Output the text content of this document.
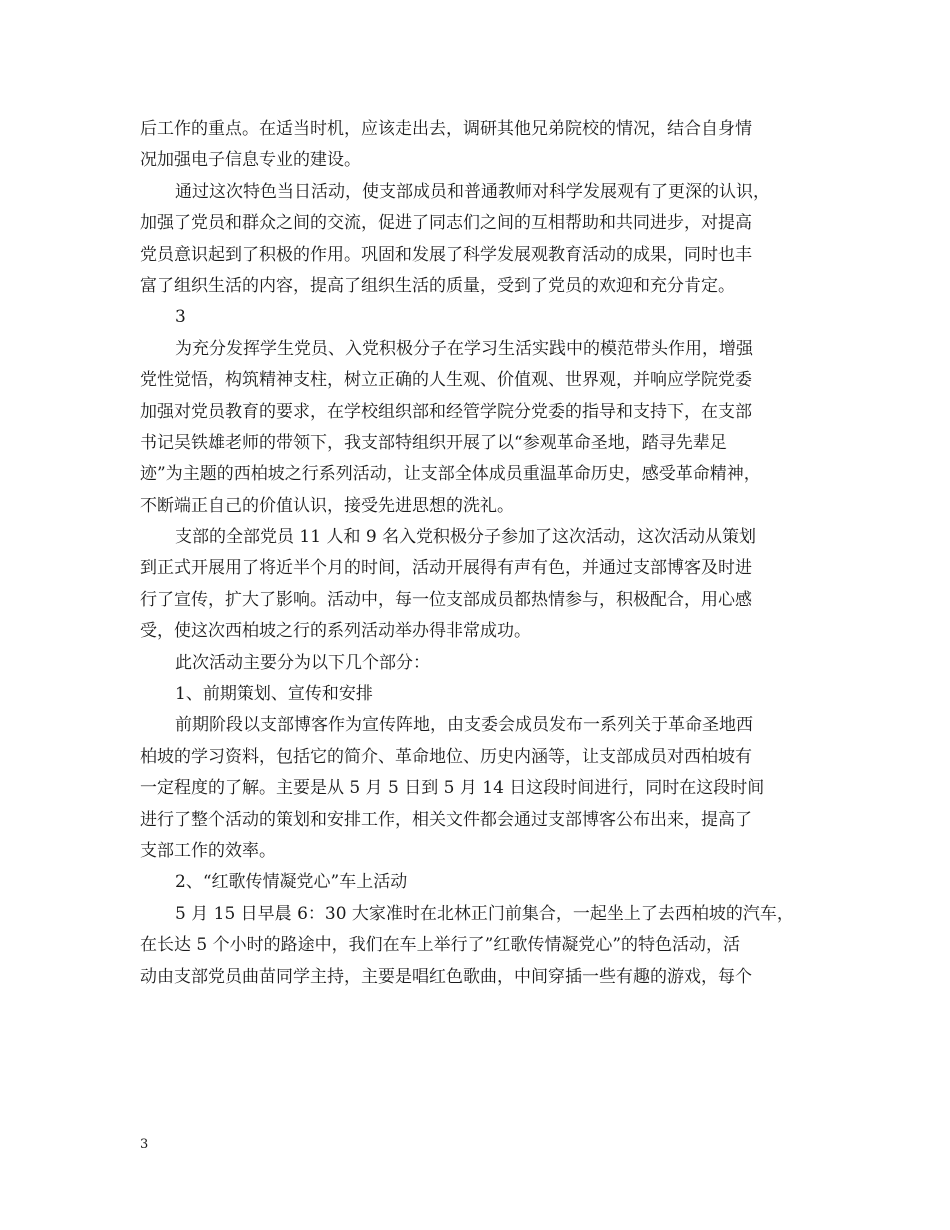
后工作的重点。在适当时机，应该走出去，调研其他兄弟院校的情况，结合自身情
况加强电子信息专业的建设。
通过这次特色当日活动，使支部成员和普通教师对科学发展观有了更深的认识，
加强了党员和群众之间的交流，促进了同志们之间的互相帮助和共同进步，对提高
党员意识起到了积极的作用。巩固和发展了科学发展观教育活动的成果，同时也丰
富了组织生活的内容，提高了组织生活的质量，受到了党员的欢迎和充分肯定。
3
为充分发挥学生党员、入党积极分子在学习生活实践中的模范带头作用，增强
党性觉悟，构筑精神支柱，树立正确的人生观、价值观、世界观，并响应学院党委
加强对党员教育的要求，在学校组织部和经管学院分党委的指导和支持下，在支部
书记吴铁雄老师的带领下，我支部特组织开展了以“参观革命圣地，踏寻先辈足
迹”为主题的西柏坡之行系列活动，让支部全体成员重温革命历史，感受革命精神，
不断端正自己的价值认识，接受先进思想的洗礼。
支部的全部党员 11 人和 9 名入党积极分子参加了这次活动，这次活动从策划
到正式开展用了将近半个月的时间，活动开展得有声有色，并通过支部博客及时进
行了宣传，扩大了影响。活动中，每一位支部成员都热情参与，积极配合，用心感
受，使这次西柏坡之行的系列活动举办得非常成功。
此次活动主要分为以下几个部分：
1、前期策划、宣传和安排
前期阶段以支部博客作为宣传阵地，由支委会成员发布一系列关于革命圣地西
柏坡的学习资料，包括它的简介、革命地位、历史内涵等，让支部成员对西柏坡有
一定程度的了解。主要是从 5 月 5 日到 5 月 14 日这段时间进行，同时在这段时间
进行了整个活动的策划和安排工作，相关文件都会通过支部博客公布出来，提高了
支部工作的效率。
2、“红歌传情凝党心”车上活动
5 月 15 日早晨 6：30 大家准时在北林正门前集合，一起坐上了去西柏坡的汽车，
在长达 5 个小时的路途中，我们在车上举行了”红歌传情凝党心”的特色活动，活
动由支部党员曲苗同学主持，主要是唱红色歌曲，中间穿插一些有趣的游戏，每个
3
